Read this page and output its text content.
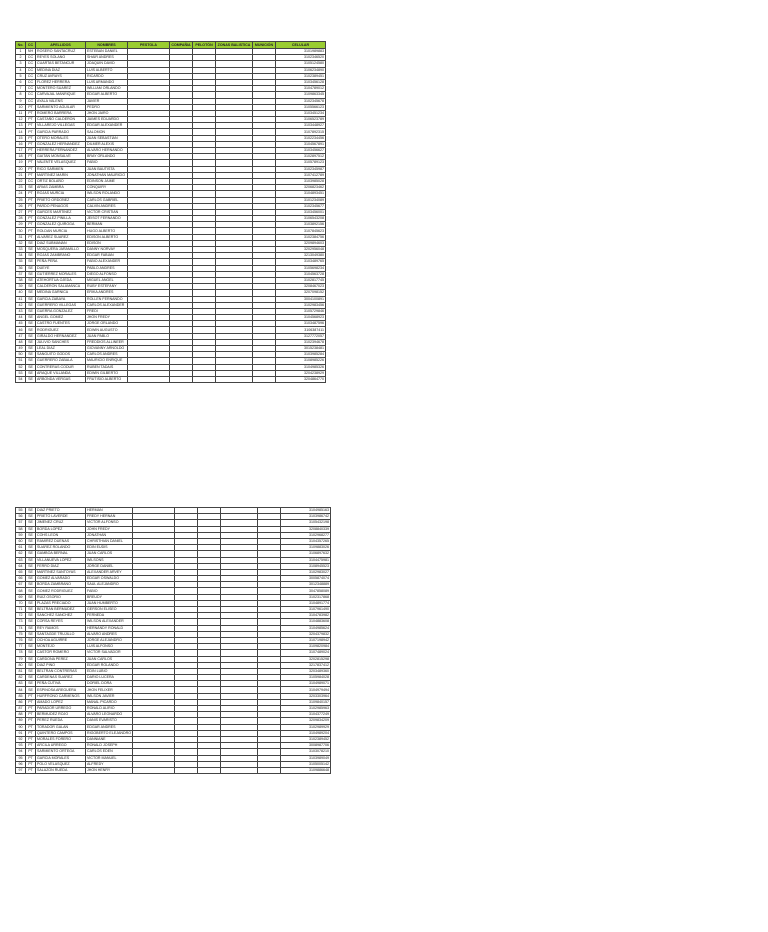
No.	CC	APELLIDOS	NOMBRES	PESTOLA	COMPAÑIA	PELOTÓN	ZONAS BALISTICA	MUNICIÓN	CELULAR
1	NH	ROSERO SANTACRUZ	ESTEBAN DANIEL						3101989883
2	CC	REYES SOLANO	SHAIR ANDRES						3102346520
3	CC	CUARTAS BETANCUR	JOAQUIN DAVID						3105124580
4	CC	MEDINA DIAZ	LUIS ALBERTO						3106234890
5	CC	CRUZ AVRAYS	RICARDO						3102389451
6	CC	FLOREZ HERRERA	LUIS ARMANDO						3103456128
7	CC	MONTERO SUAREZ	WILLIAM ORLANDO						3104789012
8	CC	CARVAJAL MANRIQUE	EDGAR ALBERTO						3109863345
9	CC	AYALA VALENS	JAVIER						3102345678
10	PT	SARMIENTO AGUILAR	PEDRO						3105566123
11	PT	ROMERO BARRERA	JHON JAIRO						3103451234
12	PT	CASTAÑO CALDERON	JAIMES EDUARDO						3106523789
13	PT	VILLAREJO VILLEGAS	EDGAR ALEXANDER						3103448927
14	PT	GARCIA PARRADO	SALOMON						3107892315
15	PT	OTERO MORALES	JUAN SEBASTIAN						3102234456
16	PT	GONZALEZ HERNANDEZ	DILMER ALEXIS						3104567891
17	PT	HERRERA FERNANDEZ	ALVARO HERNANDO						3103456627
18	PT	GAITAN MONSALVE	BRAY ORLANDO						3102897512
19	PT	VALENTE VELASQUEZ	FABIO						3105789123
20	PT	RICO SARMIEN	JUAN BAUTISTA						3102345987
21	PT	MARTINEZ MARIN	JONATHAN MAURICIO						3107412789
22	CC	ORTIZ BOLAÑO	EDINSON JAIME						3103985028
23	SE	ARIAS ZAMBRA	CONQUIRY						3206823462
24	PT	ROJAS MURCIA	WILSON ROLANDO						3104893451
25	PT	PRIETO ORDOÑEZ	CARLOS GABRIEL						3101234089
26	PT	PARDO PENAGOS	CALVIN ANDRES						3102345677
27	PT	GARCES MARTINEZ	VICTOR CRISTIAN						3103456001
28	PT	GONZALEZ PINILLA	JEISOT FERNANDO						3106543208
29	PT	GONZALEZ QUIROGA	BERMAN						3103892156
30	PT	ROLDAN MURCIA	HUGO ALBERTO						3107845623
31	PT	ALVAREZ SUAREZ	EDISON ALBERTO						3102384756
32	SE	DIAZ SUBMANAN	EDISON						3209894603
33	SE	MOSQUERA JARAMILLO	DANNY NORVAY						3202956048
34	SE	ROJAS ZAMBRANO	EDGAR FABIAN						3213049380
35	SE	PEÑA PEÑA	FABIO ALEXANDER						3103489765
36	SE	DUEYE	PABLO ANDRES						3105698234
37	SE	GUTIERREZ MORALES	DIEGO ALFONSO						3104563728
38	SE	ATEHORTUA OJEDA	MIGUEL ANGEL						3102817745
39	SE	CALDERON SALAMANCA	RUBY ESTEFANY						3208467023
40	SE	MEDINA GARNICA	ERIKA ANDRES						3207098152
41	SE	GARCIA ZABAYA	ROLLEN FERNANDO						3004100891
42	SE	GUERRERO VILLEGAS	CARLOS ALEXANDER						3102983456
43	SE	GUERRA GONZALEZ	FREDI						3105729846
44	SE	ANGEL GOMEZ	JHON FREDY						3104568923
45	SE	CASTRO FUENTES	JORGE ORLANDO						3103487596
46	SE	RODRIGUEZ	EDWIN AUGUSTO						3106387411
47	SE	GIRALDO HERNANDEZ	JUAN PABLO						3127772057
48	SE	JULIVIO SANCHES	FREDDIOS ALLINEER						3102394678
49	SE	LEAL DIAZ	GIOVANNY ARNOLDO						3015238481
50	SE	SANGUITO GODOS	CARLOS ANDRES						3103985284
51	SE	GUERRERO ZABALA	MAURICIO ENRIQUE						3108985226
52	SE	CONTRERAS CODUR	RUBEN TADAIS						3104985326
53	SE	ARAQUE VILLANDA	EDWIN GILBERTO						3204238929
54	SE	ARBONDA VERGAS	FRUTISIO ALBERTO						3204864770
55	SE	DIAZ PRIETO	HERMAN						3104985163
56	SE	PRIETO LAVERDE	FREDY HERNAN						3103986742
57	SE	JIMENEZ CRUZ	VICTOR ALFONSO						3105432198
58	SE	BORDA LOPEZ	JOHN FREDY						3208840339
59	SE	COHS LEON	JONATHAN						3102968277
60	SE	RAMIREZ DUENAS	CHRISTHIAN DANIEL						3104357265
61	SE	SUAREZ ROLANDO	EDIN EUDIS						3109883026
62	SE	GAMBOA BERNAL	JUAN CARLOS						3106897632
63	SE	VILLANUEVA LOPEZ	WILSONS						3104475981
64	SE	FERRO DIAZ	JORGE DANIEL						3108945523
65	SE	MARTINEZ SANTOYAS	ALEXANDER ARVEY						3102983027
66	SE	GOMEZ ALVARADO	EDGAR OSWALDO						3005874074
67	SE	BORDA ZAMBRANO	SAUL ALEJANDRO						3012348889
68	SE	GOMEZ RODRIGUEZ	FABIO						3047858089
69	SE	RUIZ OSORIO	BREUDY						3102317868
70	SE	PLAZAS PRECIADO	JUAN HUMBERTO						3104891774
71	SE	BELTRAN BERMUDEZ	GERSON ELISEO						3107961490
72	SE	SANCHEZ SANCHEZ	FERNEDA						3104783982
73	SE	CORSA REYES	WILSON ALEXANDER						3104883608
74	SE	REY RAMOS	HERNÁNDY RONALD						3104985624
75	SE	SANTAGDE TRUJILLO	ALVARO ANDRES						3204379832
76	SE	OCHOA AGUIRRE	JORGE ALEJANDRO						3107198942
77	SE	MONTEJO	LUIS ALFONSO						3109820984
78	SE	CASTOR ROMERO	VICTOR SALVADOR						3107489024
79	SE	CARDONA PEREZ	JUAN CARLOS						3202815298
80	SE	DIAZ PINO	EDGAR ROLANDO						3217837412
81	SE	BELTRAN CONTRERAS	EDIN LUBIO						3203489360
82	SE	CARDENAS SUAREZ	DARIO LUCERA						3105984028
83	SE	PEÑA CUTIVA	DORIEL DORA						3104989071
84	SE	ESPINOSA AREGUERA	JHON FELIXER						3104979494
85	PT	HURFRONO CARMENOS	WILSON JAVIER						3203303964
86	PT	AMADO LOPEZ	MANAL PICARDO						3109840157
87	PT	PARADOR URREGO	RONALD ALIRIO						3102985963
88	PT	BERMUDEZ ROJO	ALVARO LEONARDO						3104377249
89	PT	PEREZ RUEDA	DANIS EVARISTO						3209834209
90	PT	TORADOR GALAN	EDGAR ANDRES						3102989929
91	PT	QUINTERO CAMPOS	RIGOBERTO ELEJANDRO						3104989204
92	PT	MORALES FORERO	DANNIANE						3102389452
93	PT	ARCILA URREGO	RONALD JOSEPH						3008987706
94	PT	SARMIENTO ORTEGA	CARLOS EDEN						3103078210
95	PT	GARCIA MORALES	VICTOR MANUEL						3103989049
96	PT	POLO VELASQUEZ	ALFREDY						3105005142
97	PT	SALAZON RUEDA	JHON HENRY						3109886648
